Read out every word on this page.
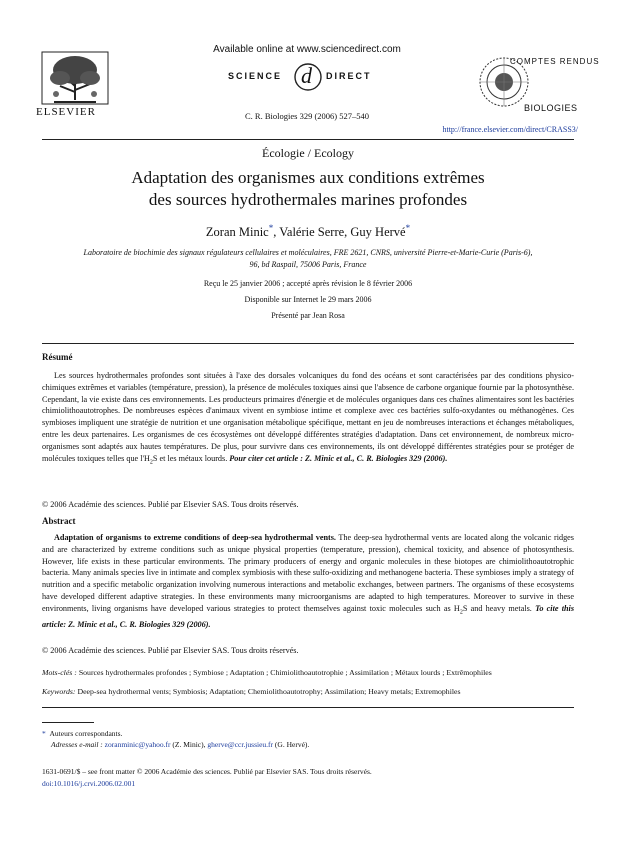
ELSEVIER
Available online at www.sciencedirect.com
SCIENCE d DIRECT
C. R. Biologies 329 (2006) 527–540
COMPTES RENDUS
BIOLOGIES
http://france.elsevier.com/direct/CRASS3/
Écologie / Ecology
Adaptation des organismes aux conditions extrêmes
des sources hydrothermales marines profondes
Zoran Minic*, Valérie Serre, Guy Hervé*
Laboratoire de biochimie des signaux régulateurs cellulaires et moléculaires, FRE 2621, CNRS, université Pierre-et-Marie-Curie (Paris-6),
96, bd Raspail, 75006 Paris, France
Reçu le 25 janvier 2006 ; accepté après révision le 8 février 2006
Disponible sur Internet le 29 mars 2006
Présenté par Jean Rosa
Résumé

Les sources hydrothermales profondes sont situées à l'axe des dorsales volcaniques du fond des océans et sont caractérisées par des conditions physico-chimiques extrêmes et variables (température, pression), la présence de molécules toxiques ainsi que l'absence de carbone organique fournie par la photosynthèse. Cependant, la vie existe dans ces environnements. Les producteurs primaires d'énergie et de molécules organiques dans ces chaînes alimentaires sont les bactéries chimiolithoautotrophes. De nombreuses espèces d'animaux vivent en symbiose intime et complexe avec ces bactéries sulfo-oxydantes ou méthanogènes. Ces symbioses impliquent une stratégie de nutrition et une organisation métabolique spécifique, mettant en jeu de nombreuses interactions et échanges métaboliques, entre les deux partenaires. Les organismes de ces écosystèmes ont développé différentes stratégies d'adaptation. Dans cet environnement, de nombreux micro-organismes sont adaptés aux hautes températures. De plus, pour survivre dans ces environnements, ils ont développé différentes stratégies pour se protéger de molécules toxiques telles que $l'H_2S$ et les métaux lourds. Pour citer cet article : Z. Minic et al., C. R. Biologies 329 (2006).

© 2006 Académie des sciences. Publié par Elsevier SAS. Tous droits réservés.
Abstract

Adaptation of organisms to extreme conditions of deep-sea hydrothermal vents. The deep-sea hydrothermal vents are located along the volcanic ridges and are characterized by extreme conditions such as unique physical properties (temperature, pression), chemical toxicity, and absence of photosynthesis. However, life exists in these particular environments. The primary producers of energy and organic molecules in these biotopes are chimiolithoautotrophic bacteria. Many animals species live in intimate and complex symbiosis with these sulfo-oxidizing and methanogene bacteria. These symbioses imply a strategy of nutrition and a specific metabolic organization involving numerous interactions and metabolic exchanges, between partners. The organisms of these ecosystems have developed different adaptive strategies. In these environments many microorganisms are adapted to high temperatures. Moreover to survive in these environments, living organisms have developed various strategies to protect themselves against toxic molecules such as $H_2S$ and heavy metals. To cite this article: Z. Minic et al., C. R. Biologies 329 (2006).

© 2006 Académie des sciences. Publié par Elsevier SAS. Tous droits réservés.
Mots-clés : Sources hydrothermales profondes ; Symbiose ; Adaptation ; Chimiolithoautotrophie ; Assimilation ; Métaux lourds ; Extrêmophiles
Keywords: Deep-sea hydrothermal vents; Symbiosis; Adaptation; Chemiolithoautotrophy; Assimilation; Heavy metals; Extremophiles
* Auteurs correspondants.
Adresses e-mail : zoranminic@yahoo.fr (Z. Minic), gherve@ccr.jussieu.fr (G. Hervé).
1631-0691/$ – see front matter © 2006 Académie des sciences. Publié par Elsevier SAS. Tous droits réservés.
doi:10.1016/j.crvi.2006.02.001
